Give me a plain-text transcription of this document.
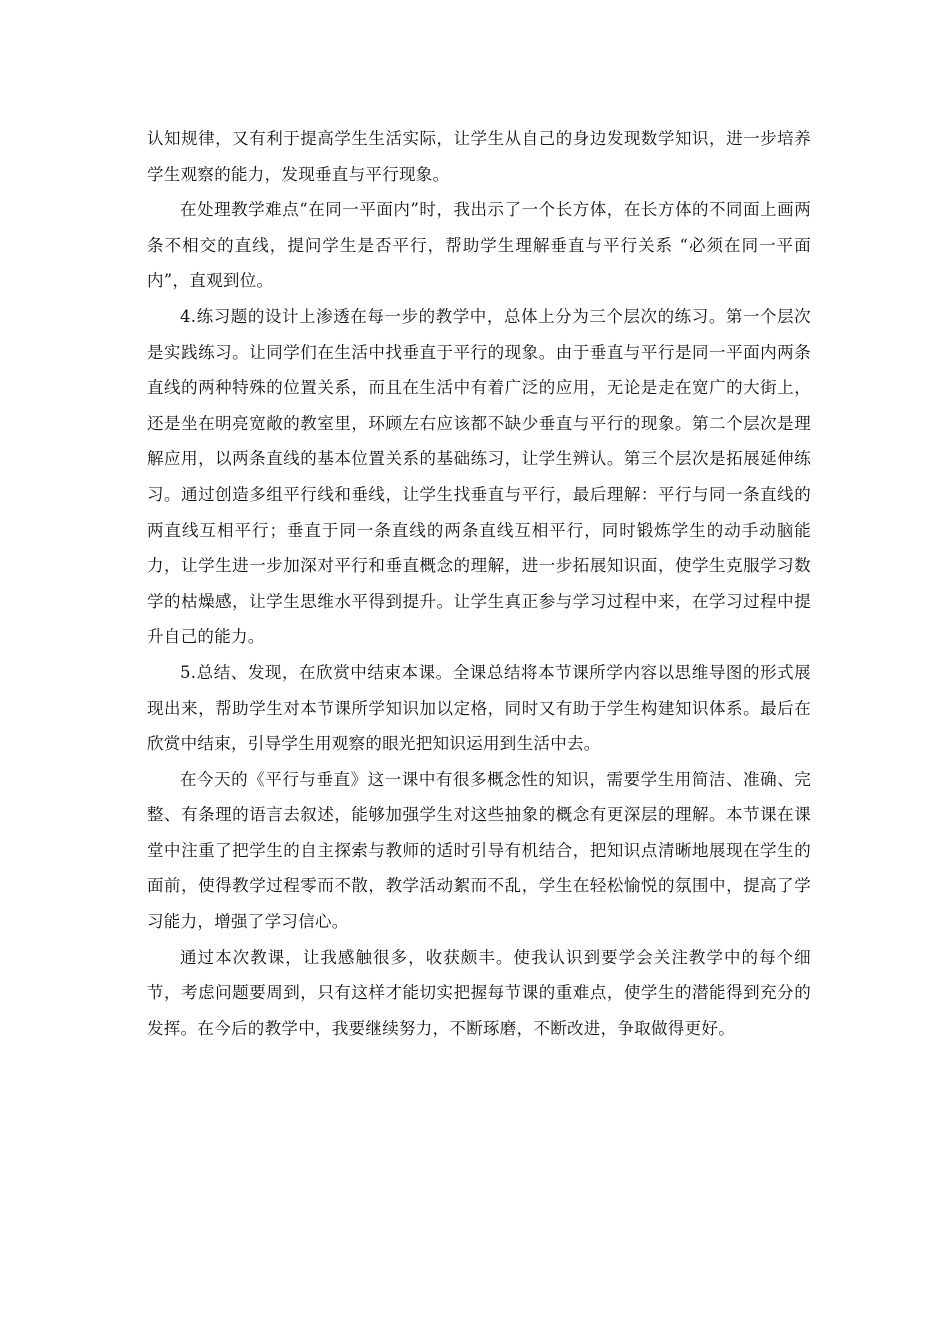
认知规律，又有利于提高学生生活实际，让学生从自己的身边发现数学知识，进一步培养学生观察的能力，发现垂直与平行现象。

在处理教学难点“在同一平面内”时，我出示了一个长方体，在长方体的不同面上画两条不相交的直线，提问学生是否平行，帮助学生理解垂直与平行关系 “必须在同一平面内”，直观到位。

4.练习题的设计上渗透在每一步的教学中，总体上分为三个层次的练习。第一个层次是实践练习。让同学们在生活中找垂直于平行的现象。由于垂直与平行是同一平面内两条直线的两种特殊的位置关系，而且在生活中有着广泛的应用，无论是走在宽广的大街上，还是坐在明亮宽敞的教室里，环顾左右应该都不缺少垂直与平行的现象。第二个层次是理解应用，以两条直线的基本位置关系的基础练习，让学生辨认。第三个层次是拓展延伸练习。通过创造多组平行线和垂线，让学生找垂直与平行，最后理解：平行与同一条直线的两直线互相平行；垂直于同一条直线的两条直线互相平行，同时锻炼学生的动手动脑能力，让学生进一步加深对平行和垂直概念的理解，进一步拓展知识面，使学生克服学习数学的枯燥感，让学生思维水平得到提升。让学生真正参与学习过程中来，在学习过程中提升自己的能力。

5.总结、发现，在欣赏中结束本课。全课总结将本节课所学内容以思维导图的形式展现出来，帮助学生对本节课所学知识加以定格，同时又有助于学生构建知识体系。最后在欣赏中结束，引导学生用观察的眼光把知识运用到生活中去。

在今天的《平行与垂直》这一课中有很多概念性的知识，需要学生用简洁、准确、完整、有条理的语言去叙述，能够加强学生对这些抽象的概念有更深层的理解。本节课在课堂中注重了把学生的自主探索与教师的适时引导有机结合，把知识点清晰地展现在学生的面前，使得教学过程零而不散，教学活动絮而不乱，学生在轻松愉悦的氛围中，提高了学习能力，增强了学习信心。

通过本次教课，让我感触很多，收获颇丰。使我认识到要学会关注教学中的每个细节，考虑问题要周到，只有这样才能切实把握每节课的重难点，使学生的潜能得到充分的发挥。在今后的教学中，我要继续努力，不断琢磨，不断改进，争取做得更好。
